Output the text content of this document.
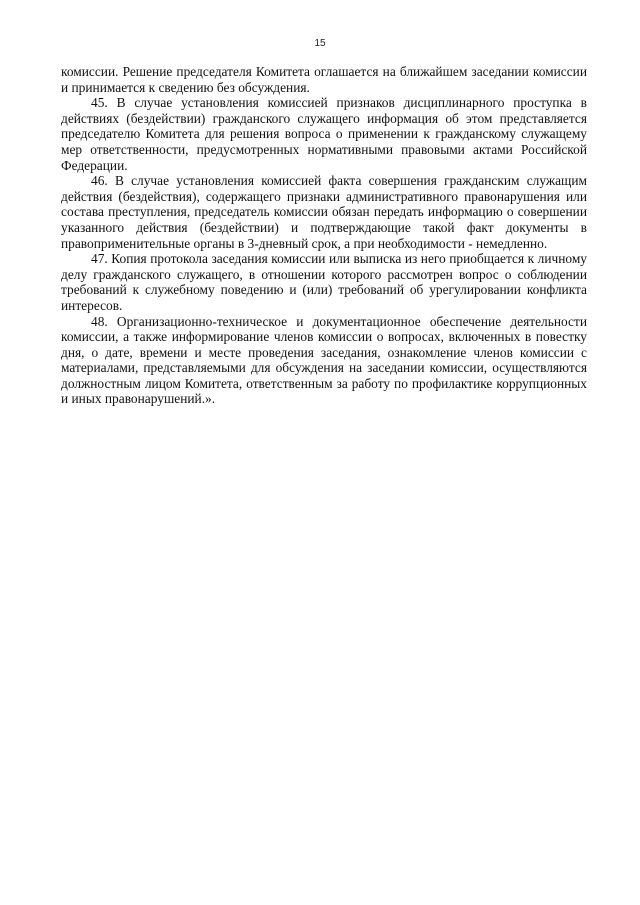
15

комиссии. Решение председателя Комитета оглашается на ближайшем заседании комиссии и принимается к сведению без обсуждения.

45. В случае установления комиссией признаков дисциплинарного проступка в действиях (бездействии) гражданского служащего информация об этом представляется председателю Комитета для решения вопроса о применении к гражданскому служащему мер ответственности, предусмотренных нормативными правовыми актами Российской Федерации.

46. В случае установления комиссией факта совершения гражданским служащим действия (бездействия), содержащего признаки административного правонарушения или состава преступления, председатель комиссии обязан передать информацию о совершении указанного действия (бездействии) и подтверждающие такой факт документы в правоприменительные органы в 3-дневный срок, а при необходимости - немедленно.

47. Копия протокола заседания комиссии или выписка из него приобщается к личному делу гражданского служащего, в отношении которого рассмотрен вопрос о соблюдении требований к служебному поведению и (или) требований об урегулировании конфликта интересов.

48. Организационно-техническое и документационное обеспечение деятельности комиссии, а также информирование членов комиссии о вопросах, включенных в повестку дня, о дате, времени и месте проведения заседания, ознакомление членов комиссии с материалами, представляемыми для обсуждения на заседании комиссии, осуществляются должностным лицом Комитета, ответственным за работу по профилактике коррупционных и иных правонарушений.».
